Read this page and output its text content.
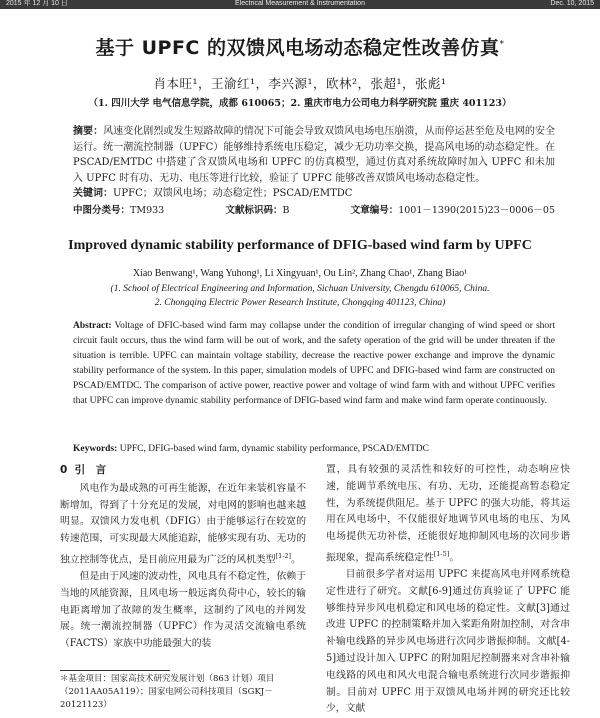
2015 年 12 月 10 日	Electrical Measurement & Instrumentation	Dec. 10, 2015
基于 UPFC 的双馈风电场动态稳定性改善仿真*
肖本旺¹，王渝红¹，李兴源¹，欧林²，张超¹，张彪¹
（1. 四川大学 电气信息学院，成都 610065；2. 重庆市电力公司电力科学研究院 重庆 401123）
摘要：风速变化剧烈或发生短路故障的情况下可能会导致双馈风电场电压崩溃，从而停运甚至危及电网的安全运行。统一潮流控制器（UPFC）能够维持系统电压稳定，减少无功功率交换，提高风电场的动态稳定性。在 PSCAD/EMTDC 中搭建了含双馈风电场和 UPFC 的仿真模型，通过仿真对系统故障时加入 UPFC 和未加入 UPFC 时有功、无功、电压等进行比较，验证了 UPFC 能够改善双馈风电场动态稳定性。
关键词：UPFC；双馈风电场；动态稳定性；PSCAD/EMTDC
中图分类号：TM933	文献标识码：B	文章编号：1001－1390(2015)23－0006－05
Improved dynamic stability performance of DFIG-based wind farm by UPFC
Xiao Benwang¹, Wang Yuhong¹, Li Xingyuan¹, Ou Lin², Zhang Chao¹, Zhang Biao¹
(1. School of Electrical Engineering and Information, Sichuan University, Chengdu 610065, China.
2. Chongqing Electric Power Research Institute, Chongqing 401123, China)
Abstract: Voltage of DFIC-based wind farm may collapse under the condition of irregular changing of wind speed or short circuit fault occurs, thus the wind farm will be out of work, and the safety operation of the grid will be under threaten if the situation is terrible. UPFC can maintain voltage stability, decrease the reactive power exchange and improve the dynamic stability performance of the system. In this paper, simulation models of UPFC and DFIG-based wind farm are constructed on PSCAD/EMTDC. The comparison of active power, reactive power and voltage of wind farm with and without UPFC verifies that UPFC can improve dynamic stability performance of DFIG-based wind farm and make wind farm operate continuously.
Keywords: UPFC, DFIG-based wind farm, dynamic stability performance, PSCAD/EMTDC
0 引　言

风电作为最成熟的可再生能源，在近年来装机容量不断增加，得到了十分充足的发展，对电网的影响也越来越明显。双馈风力发电机（DFIG）由于能够运行在较宽的转速范围，可实现最大风能追踪，能够实现有功、无功的独立控制等优点，是目前应用最为广泛的风机类型[1-2]。

但是由于风速的波动性，风电具有不稳定性，依赖于当地的风能资源，且风电场一般远离负荷中心，较长的输电距离增加了故障的发生概率，这制约了风电的并网发展。统一潮流控制器（UPFC）作为灵活交流输电系统（FACTS）家族中功能最强大的装

＊基金项目：国家高技术研究发展计划（863 计划）项目
（2011AA05A119）；国家电网公司科技项目（SGKJ－20121123）
置，具有较强的灵活性和较好的可控性，动态响应快速，能调节系统电压、有功、无功，还能提高暂态稳定性，为系统提供阻尼。基于 UPFC 的强大功能，将其运用在风电场中，不仅能很好地调节风电场的电压、为风电场提供无功补偿，还能很好地抑制风电场的次同步谐振现象，提高系统稳定性[1-5]。

目前很多学者对运用 UPFC 来提高风电并网系统稳定性进行了研究。文献[6-9]通过仿真验证了 UPFC 能够维持异步风电机稳定和风电场的稳定性。文献[3]通过改进 UPFC 的控制策略并加入桨距角附加控制，对含串补输电线路的异步风电场进行次同步谐振抑制。文献[4-5]通过设计加入 UPFC 的附加阻尼控制器来对含串补输电线路的风电和风火电混合输电系统进行次同步谐振抑制。目前对 UPFC 用于双馈风电场并网的研究还比较少，文献
